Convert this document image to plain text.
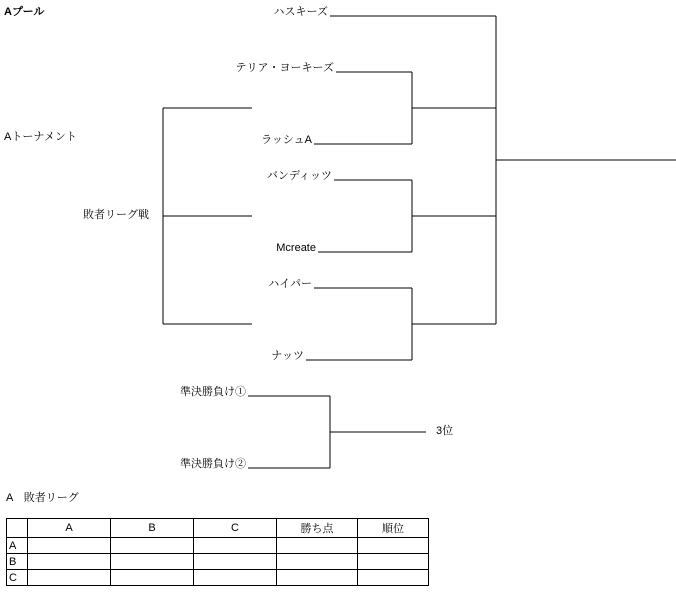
Aプール
Aトーナメント
敗者リーグ戦
ハスキーズ
テリア・ヨーキーズ
ラッシュA
バンディッツ
Mcreate
ハイパー
ナッツ
準決勝負け①
準決勝負け②
3位
A　敗者リーグ
	A	B	C	勝ち点	順位
A					
B					
C					
